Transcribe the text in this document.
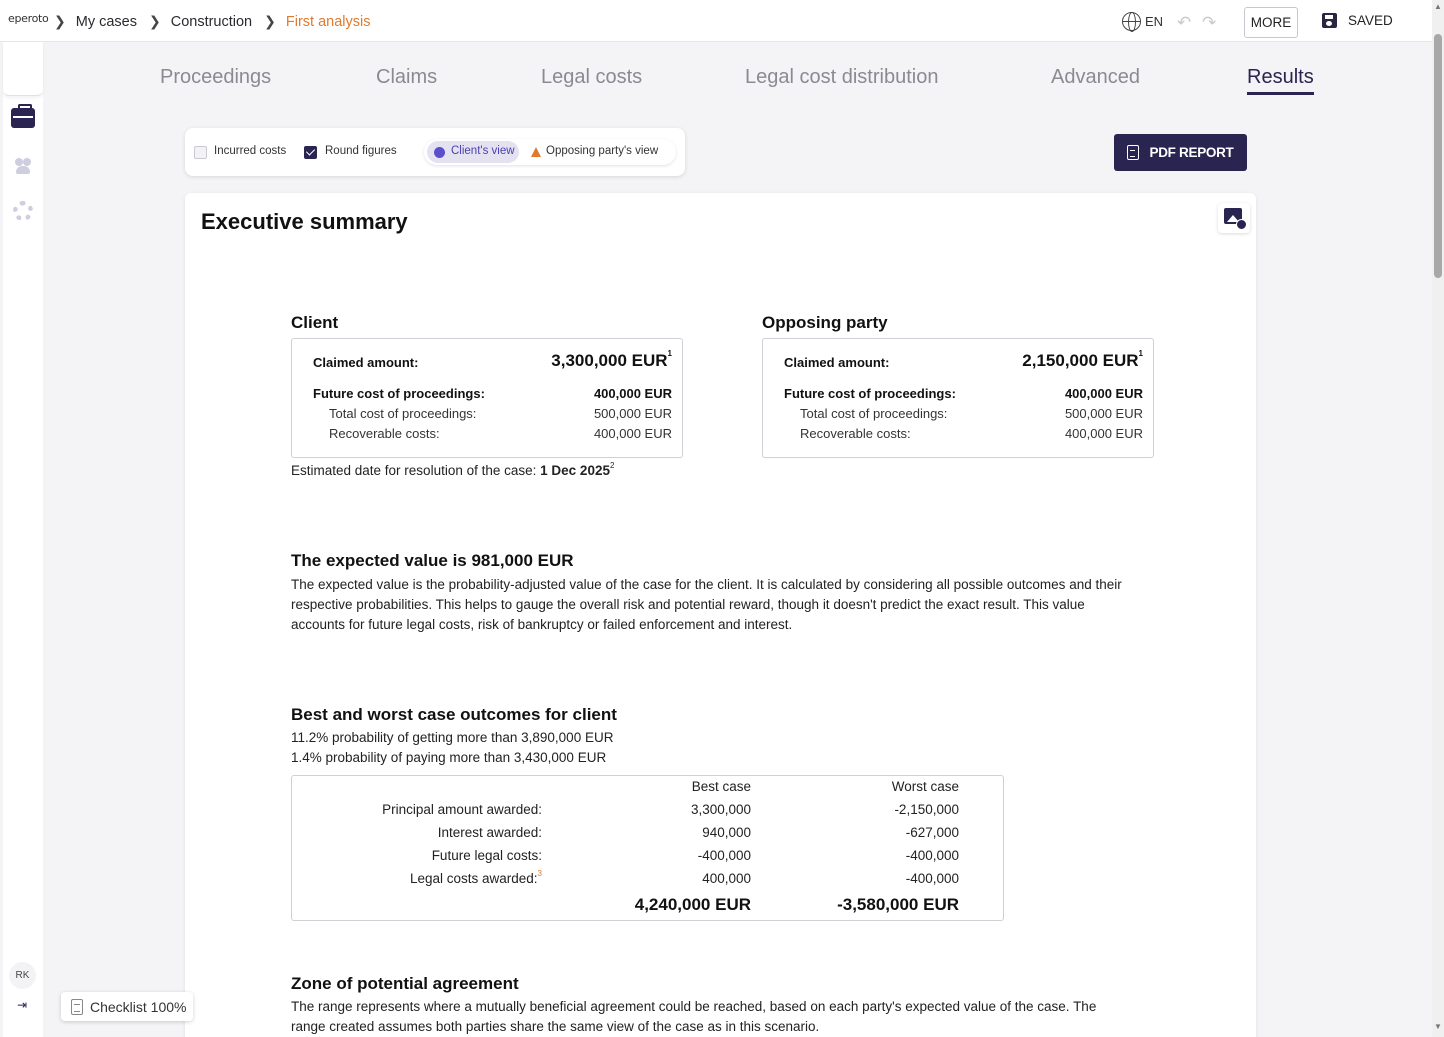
eperoto ❯ My cases ❯ Construction ❯ First analysis	EN ↶ ↷	MORE	SAVED
RK
⇥
Proceedings	Claims	Legal costs	Legal cost distribution	Advanced	Results
Incurred costs	Round figures	Client's view	Opposing party's view	PDF REPORT
Executive summary
Client
Claimed amount:	3,300,000 EUR$^1$
Future cost of proceedings:	400,000 EUR
Total cost of proceedings:	500,000 EUR
Recoverable costs:	400,000 EUR
Opposing party
Claimed amount:	2,150,000 EUR$^1$
Future cost of proceedings:	400,000 EUR
Total cost of proceedings:	500,000 EUR
Recoverable costs:	400,000 EUR
Estimated date for resolution of the case: 1 Dec 2025$^2$
The expected value is 981,000 EUR
The expected value is the probability-adjusted value of the case for the client. It is calculated by considering all possible outcomes and their respective probabilities. This helps to gauge the overall risk and potential reward, though it doesn't predict the exact result. This value accounts for future legal costs, risk of bankruptcy or failed enforcement and interest.
Best and worst case outcomes for client
11.2% probability of getting more than 3,890,000 EUR
1.4% probability of paying more than 3,430,000 EUR
Best case	Worst case
Principal amount awarded:	3,300,000	-2,150,000
Interest awarded:	940,000	-627,000
Future legal costs:	-400,000	-400,000
Legal costs awarded:$^3$	400,000	-400,000
4,240,000 EUR	-3,580,000 EUR
Zone of potential agreement
The range represents where a mutually beneficial agreement could be reached, based on each party's expected value of the case. The range created assumes both parties share the same view of the case as in this scenario.
Checklist 100%
▲
▼
